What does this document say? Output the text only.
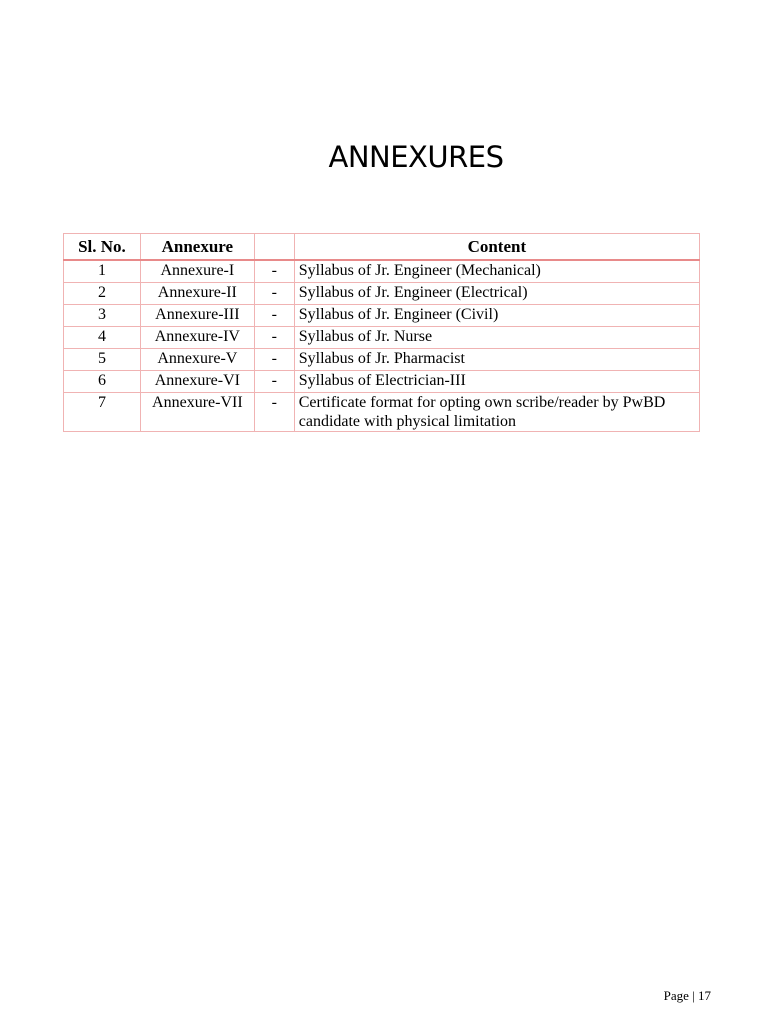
ANNEXURES
Sl. No.	Annexure		Content
1	Annexure-I	-	Syllabus of Jr. Engineer (Mechanical)
2	Annexure-II	-	Syllabus of Jr. Engineer (Electrical)
3	Annexure-III	-	Syllabus of Jr. Engineer (Civil)
4	Annexure-IV	-	Syllabus of Jr. Nurse
5	Annexure-V	-	Syllabus of Jr. Pharmacist
6	Annexure-VI	-	Syllabus of Electrician-III
7	Annexure-VII	-	Certificate format for opting own scribe/reader by PwBD candidate with physical limitation
Page | 17
